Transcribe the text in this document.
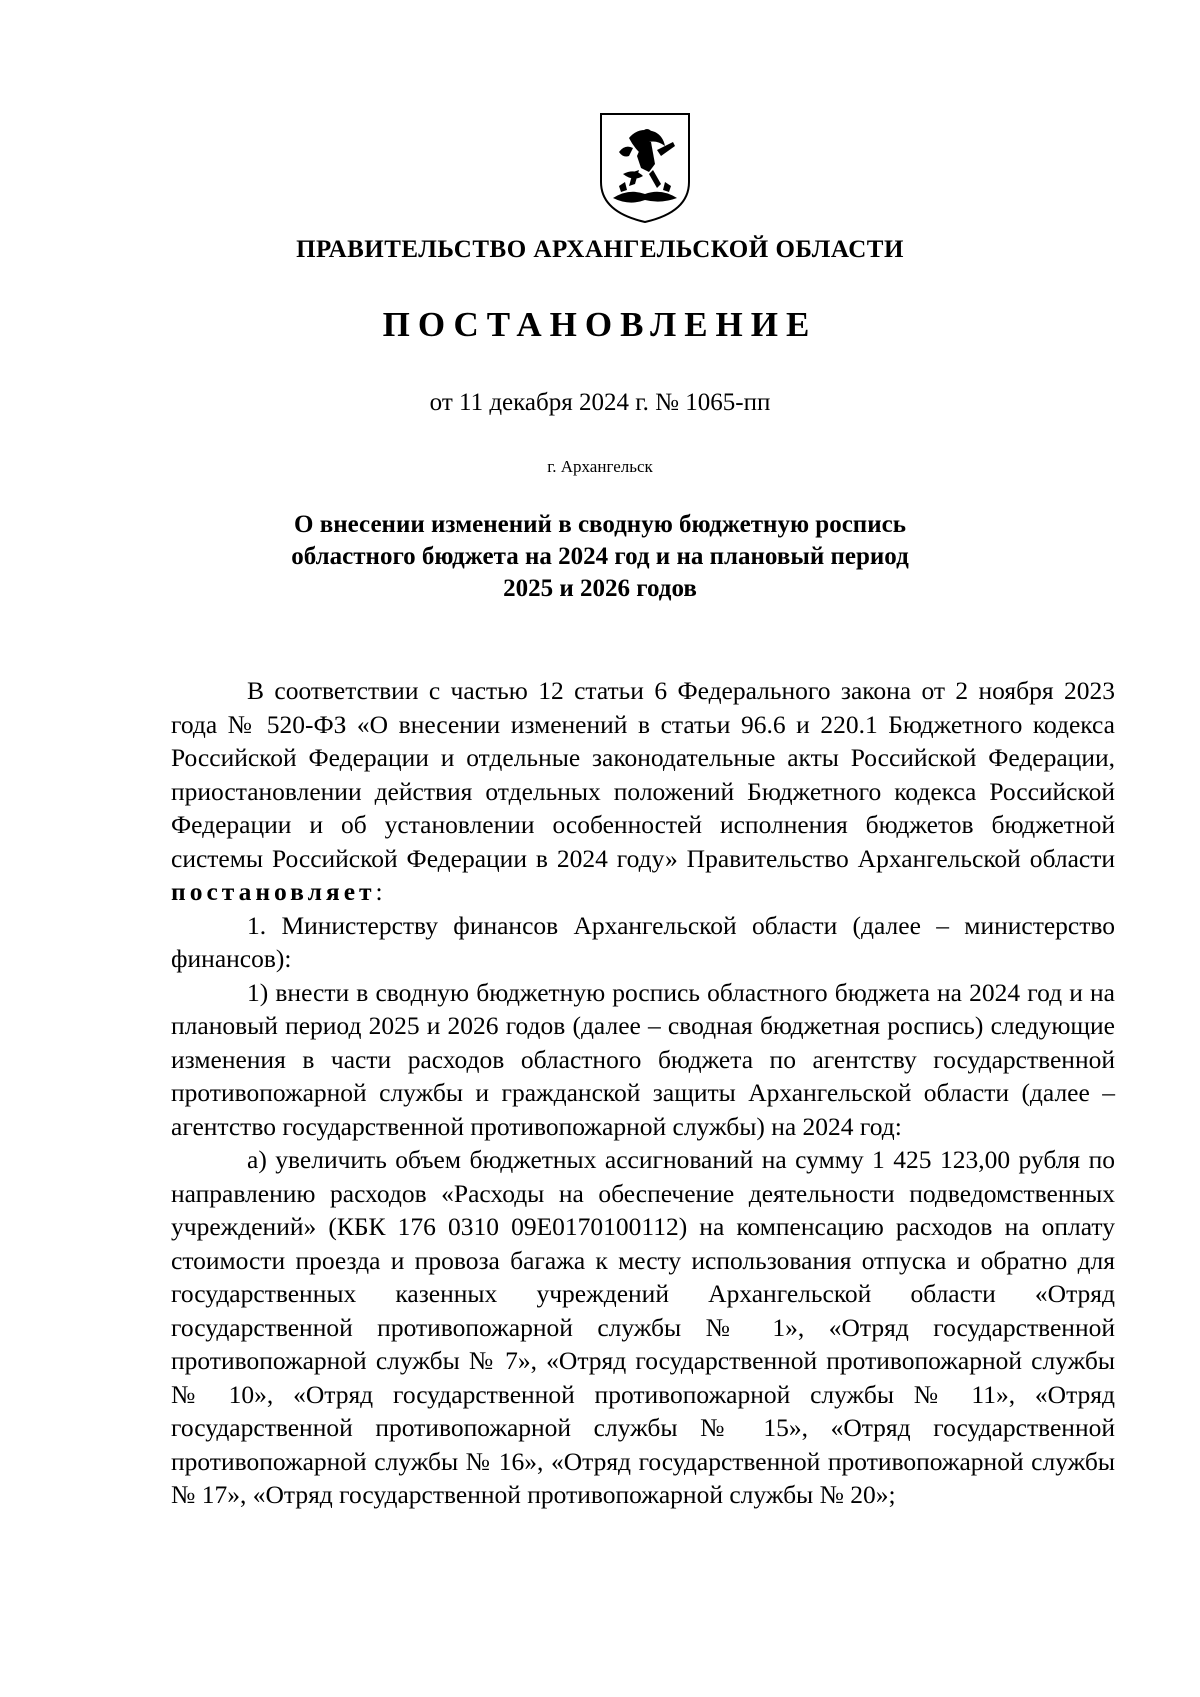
ПРАВИТЕЛЬСТВО АРХАНГЕЛЬСКОЙ ОБЛАСТИ
ПОСТАНОВЛЕНИЕ
от 11 декабря 2024 г. № 1065-пп
г. Архангельск
О внесении изменений в сводную бюджетную роспись
областного бюджета на 2024 год и на плановый период
2025 и 2026 годов

В соответствии с частью 12 статьи 6 Федерального закона от 2 ноября 2023 года № 520-ФЗ «О внесении изменений в статьи 96.6 и 220.1 Бюджетного кодекса Российской Федерации и отдельные законодательные акты Российской Федерации, приостановлении действия отдельных положений Бюджетного кодекса Российской Федерации и об установлении особенностей исполнения бюджетов бюджетной системы Российской Федерации в 2024 году» Правительство Архангельской области постановляет:

1. Министерству финансов Архангельской области (далее – министерство финансов):

1) внести в сводную бюджетную роспись областного бюджета на 2024 год и на плановый период 2025 и 2026 годов (далее – сводная бюджетная роспись) следующие изменения в части расходов областного бюджета по агентству государственной противопожарной службы и гражданской защиты Архангельской области (далее – агентство государственной противопожарной службы) на 2024 год:

а) увеличить объем бюджетных ассигнований на сумму 1 425 123,00 рубля по направлению расходов «Расходы на обеспечение деятельности подведомственных учреждений» (КБК 176 0310 09Е0170100112) на компенсацию расходов на оплату стоимости проезда и провоза багажа к месту использования отпуска и обратно для государственных казенных учреждений Архангельской области «Отряд государственной противопожарной службы № 1», «Отряд государственной противопожарной службы № 7», «Отряд государственной противопожарной службы № 10», «Отряд государственной противопожарной службы № 11», «Отряд государственной противопожарной службы № 15», «Отряд государственной противопожарной службы № 16», «Отряд государственной противопожарной службы № 17», «Отряд государственной противопожарной службы № 20»;
